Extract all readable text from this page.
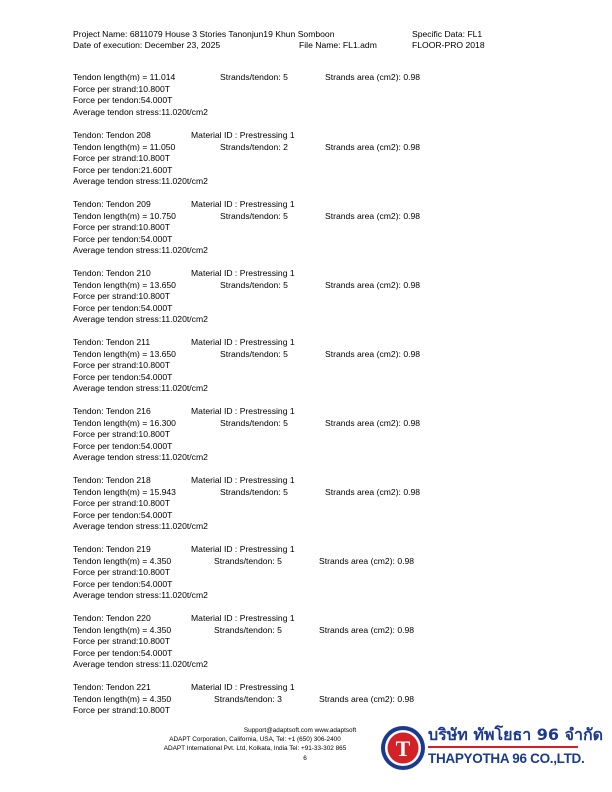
Project Name: 6811079 House 3 Stories Tanonjun19 Khun Somboon
Date of execution: December 23, 2025	File Name: FL1.adm
Specific Data: FL1
FLOOR-PRO 2018
Tendon length(m) = 11.014	Strands/tendon: 5	Strands area (cm2): 0.98
Force per strand:10.800T
Force per tendon:54.000T
Average tendon stress:11.020t/cm2
Tendon: Tendon 208	Material ID : Prestressing 1
Tendon length(m) = 11.050	Strands/tendon: 2	Strands area (cm2): 0.98
Force per strand:10.800T
Force per tendon:21.600T
Average tendon stress:11.020t/cm2
Tendon: Tendon 209	Material ID : Prestressing 1
Tendon length(m) = 10.750	Strands/tendon: 5	Strands area (cm2): 0.98
Force per strand:10.800T
Force per tendon:54.000T
Average tendon stress:11.020t/cm2
Tendon: Tendon 210	Material ID : Prestressing 1
Tendon length(m) = 13.650	Strands/tendon: 5	Strands area (cm2): 0.98
Force per strand:10.800T
Force per tendon:54.000T
Average tendon stress:11.020t/cm2
Tendon: Tendon 211	Material ID : Prestressing 1
Tendon length(m) = 13.650	Strands/tendon: 5	Strands area (cm2): 0.98
Force per strand:10.800T
Force per tendon:54.000T
Average tendon stress:11.020t/cm2
Tendon: Tendon 216	Material ID : Prestressing 1
Tendon length(m) = 16.300	Strands/tendon: 5	Strands area (cm2): 0.98
Force per strand:10.800T
Force per tendon:54.000T
Average tendon stress:11.020t/cm2
Tendon: Tendon 218	Material ID : Prestressing 1
Tendon length(m) = 15.943	Strands/tendon: 5	Strands area (cm2): 0.98
Force per strand:10.800T
Force per tendon:54.000T
Average tendon stress:11.020t/cm2
Tendon: Tendon 219	Material ID : Prestressing 1
Tendon length(m) = 4.350	Strands/tendon: 5	Strands area (cm2): 0.98
Force per strand:10.800T
Force per tendon:54.000T
Average tendon stress:11.020t/cm2
Tendon: Tendon 220	Material ID : Prestressing 1
Tendon length(m) = 4.350	Strands/tendon: 5	Strands area (cm2): 0.98
Force per strand:10.800T
Force per tendon:54.000T
Average tendon stress:11.020t/cm2
Tendon: Tendon 221	Material ID : Prestressing 1
Tendon length(m) = 4.350	Strands/tendon: 3	Strands area (cm2): 0.98
Force per strand:10.800T
Support@adaptsoft.com www.adaptsoft
ADAPT Corporation, California, USA, Tel: +1 (650) 306-2400
ADAPT International Pvt. Ltd, Kolkata, India Tel: +91-33-302 865
6	T
บริษัท ทัพโยธา 96 จำกัด
THAPYOTHA 96 CO.,LTD.
